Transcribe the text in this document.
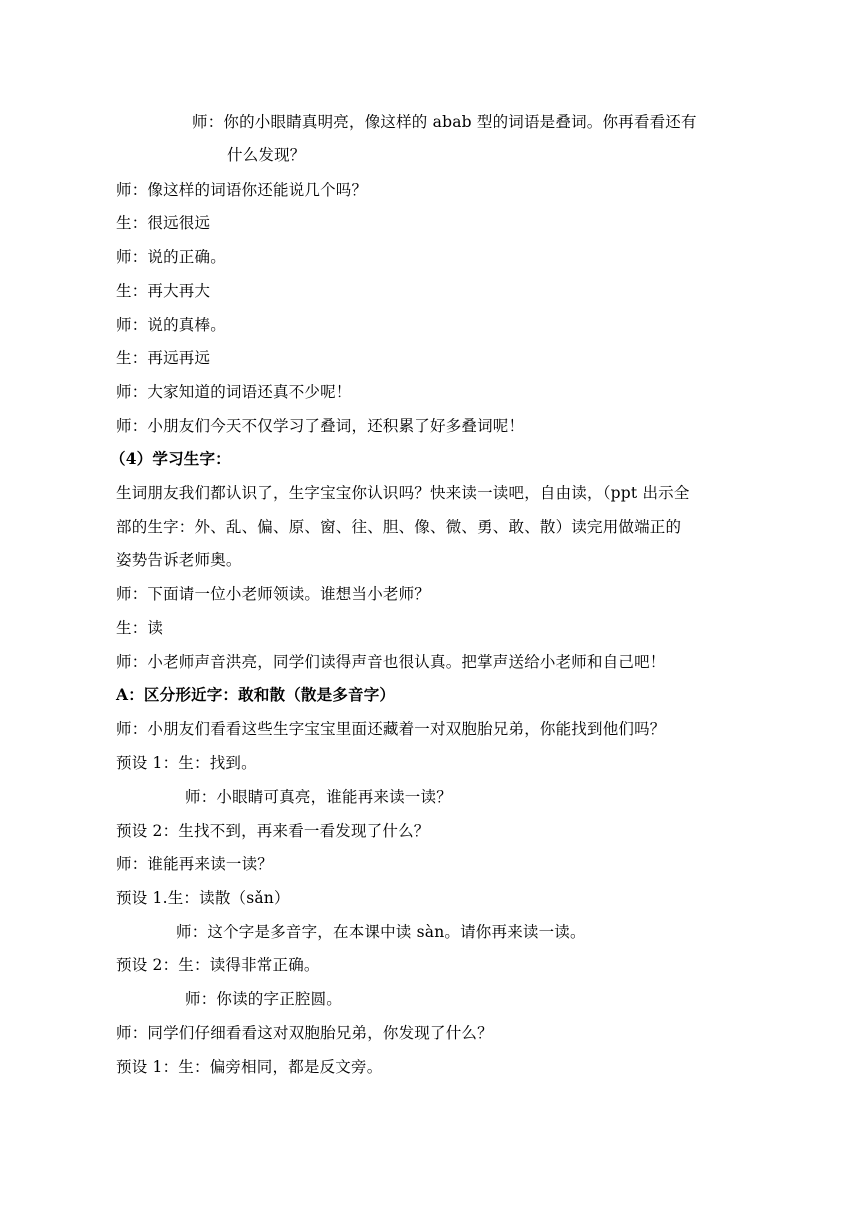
师：你的小眼睛真明亮，像这样的 abab 型的词语是叠词。你再看看还有
什么发现？
师：像这样的词语你还能说几个吗？
生：很远很远
师：说的正确。
生：再大再大
师：说的真棒。
生：再远再远
师：大家知道的词语还真不少呢！
师：小朋友们今天不仅学习了叠词，还积累了好多叠词呢！
（4）学习生字：
生词朋友我们都认识了，生字宝宝你认识吗？快来读一读吧，自由读，（ppt 出示全
部的生字：外、乱、偏、原、窗、往、胆、像、微、勇、敢、散）读完用做端正的
姿势告诉老师奥。
师：下面请一位小老师领读。谁想当小老师？
生：读
师：小老师声音洪亮，同学们读得声音也很认真。把掌声送给小老师和自己吧！
A：区分形近字：敢和散（散是多音字）
师：小朋友们看看这些生字宝宝里面还藏着一对双胞胎兄弟，你能找到他们吗？
预设 1：生：找到。
师：小眼睛可真亮，谁能再来读一读？
预设 2：生找不到，再来看一看发现了什么？
师：谁能再来读一读？
预设 1.生：读散（sǎn）
师：这个字是多音字，在本课中读 sàn。请你再来读一读。
预设 2：生：读得非常正确。
师：你读的字正腔圆。
师：同学们仔细看看这对双胞胎兄弟，你发现了什么？
预设 1：生：偏旁相同，都是反文旁。
